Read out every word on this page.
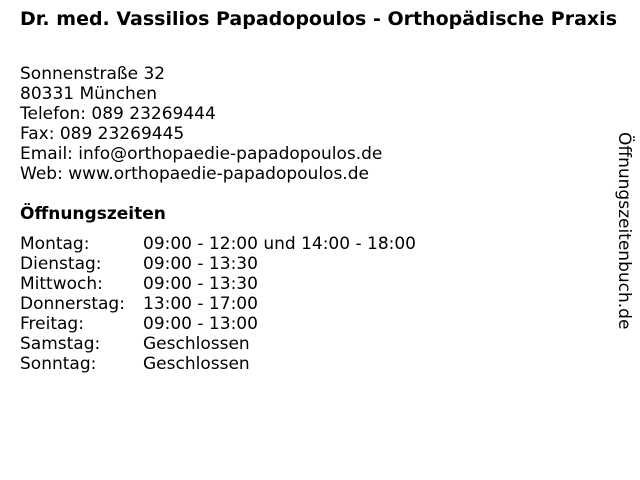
Dr. med. Vassilios Papadopoulos - Orthopädische Praxis
Sonnenstraße 32
80331 München
Telefon: 089 23269444
Fax: 089 23269445
Email: info@orthopaedie-papadopoulos.de
Web: www.orthopaedie-papadopoulos.de
Öffnungszeiten
Montag:	09:00 - 12:00 und 14:00 - 18:00
Dienstag:	09:00 - 13:30
Mittwoch:	09:00 - 13:30
Donnerstag:	13:00 - 17:00
Freitag:	09:00 - 13:00
Samstag:	Geschlossen
Sonntag:	Geschlossen
Öffnungszeitenbuch.de
